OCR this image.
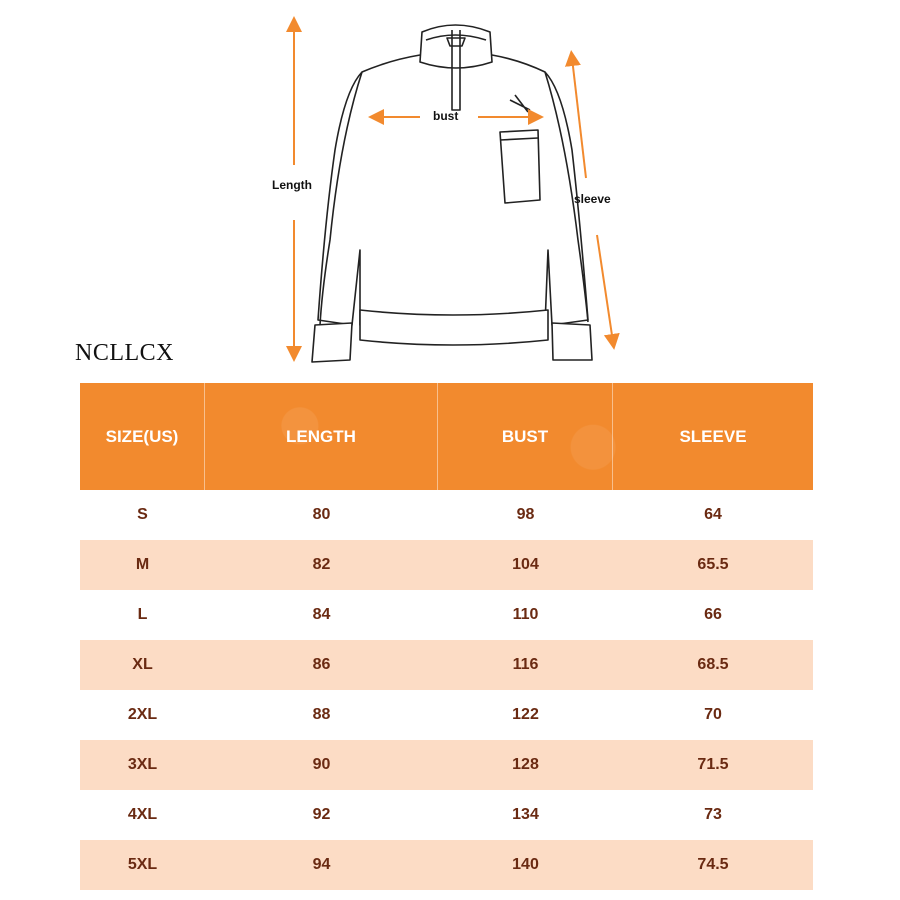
Length
bust
sleeve
NCLLCX
SIZE(US)	LENGTH	BUST	SLEEVE
S	80	98	64
M	82	104	65.5
L	84	110	66
XL	86	116	68.5
2XL	88	122	70
3XL	90	128	71.5
4XL	92	134	73
5XL	94	140	74.5
